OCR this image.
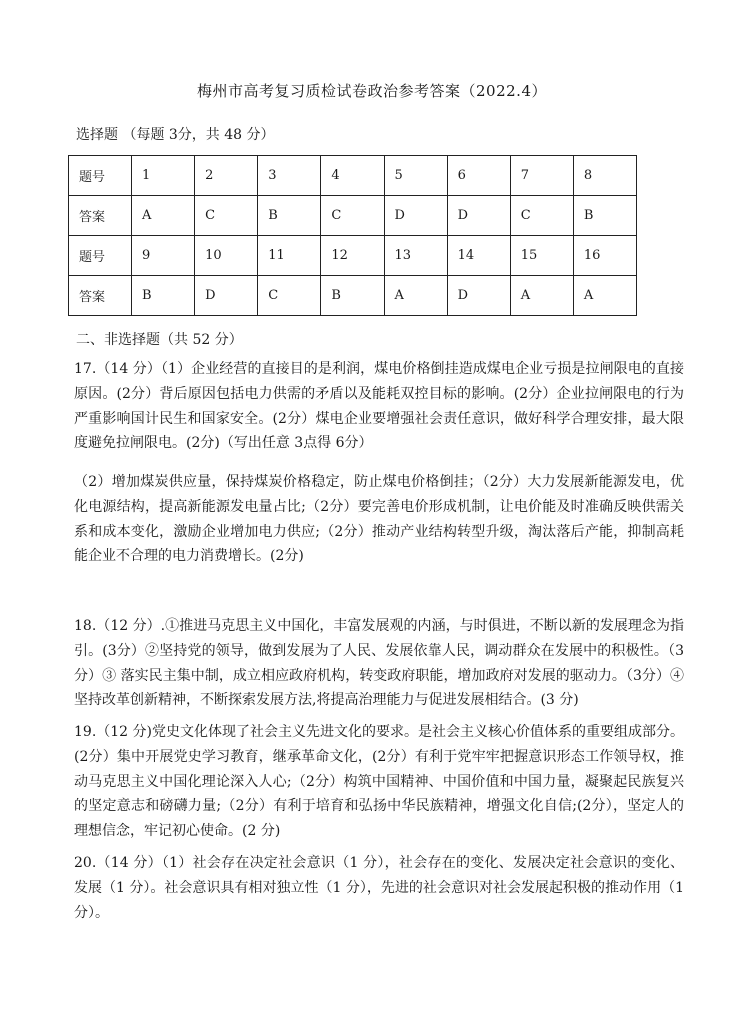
梅州市高考复习质检试卷政治参考答案（2022.4）
选择题 （每题 3分，共 48 分）
题号	1	2	3	4	5	6	7	8
答案	A	C	B	C	D	D	C	B
题号	9	10	11	12	13	14	15	16
答案	B	D	C	B	A	D	A	A
二、非选择题（共 52 分）
17.（14 分）（1）企业经营的直接目的是利润，煤电价格倒挂造成煤电企业亏损是拉闸限电的直接原因。(2分）背后原因包括电力供需的矛盾以及能耗双控目标的影响。(2分）企业拉闸限电的行为严重影响国计民生和国家安全。(2分）煤电企业要增强社会责任意识，做好科学合理安排，最大限度避免拉闸限电。(2分)（写出任意 3点得 6分）
（2）增加煤炭供应量，保持煤炭价格稳定，防止煤电价格倒挂；（2分）大力发展新能源发电，优化电源结构，提高新能源发电量占比;（2分）要完善电价形成机制，让电价能及时准确反映供需关系和成本变化，激励企业增加电力供应;（2分）推动产业结构转型升级，淘汰落后产能，抑制高耗能企业不合理的电力消费增长。(2分)
18.（12 分）.①推进马克思主义中国化，丰富发展观的内涵，与时俱进，不断以新的发展理念为指引。(3分）②坚持党的领导，做到发展为了人民、发展依靠人民，调动群众在发展中的积极性。（3分）③ 落实民主集中制，成立相应政府机构，转变政府职能，增加政府对发展的驱动力。（3分）④ 坚持改革创新精神，不断探索发展方法,将提高治理能力与促进发展相结合。(3 分)
19.（12 分)党史文化体现了社会主义先进文化的要求。是社会主义核心价值体系的重要组成部分。(2分）集中开展党史学习教育，继承革命文化，(2分）有利于党牢牢把握意识形态工作领导权，推动马克思主义中国化理论深入人心;（2分）构筑中国精神、中国价值和中国力量，凝聚起民族复兴的坚定意志和磅礴力量;（2分）有利于培育和弘扬中华民族精神，增强文化自信;(2分），坚定人的理想信念，牢记初心使命。(2 分)
20.（14 分）（1）社会存在决定社会意识（1 分），社会存在的变化、发展决定社会意识的变化、发展（1 分）。社会意识具有相对独立性（1 分），先进的社会意识对社会发展起积极的推动作用（1 分）。
